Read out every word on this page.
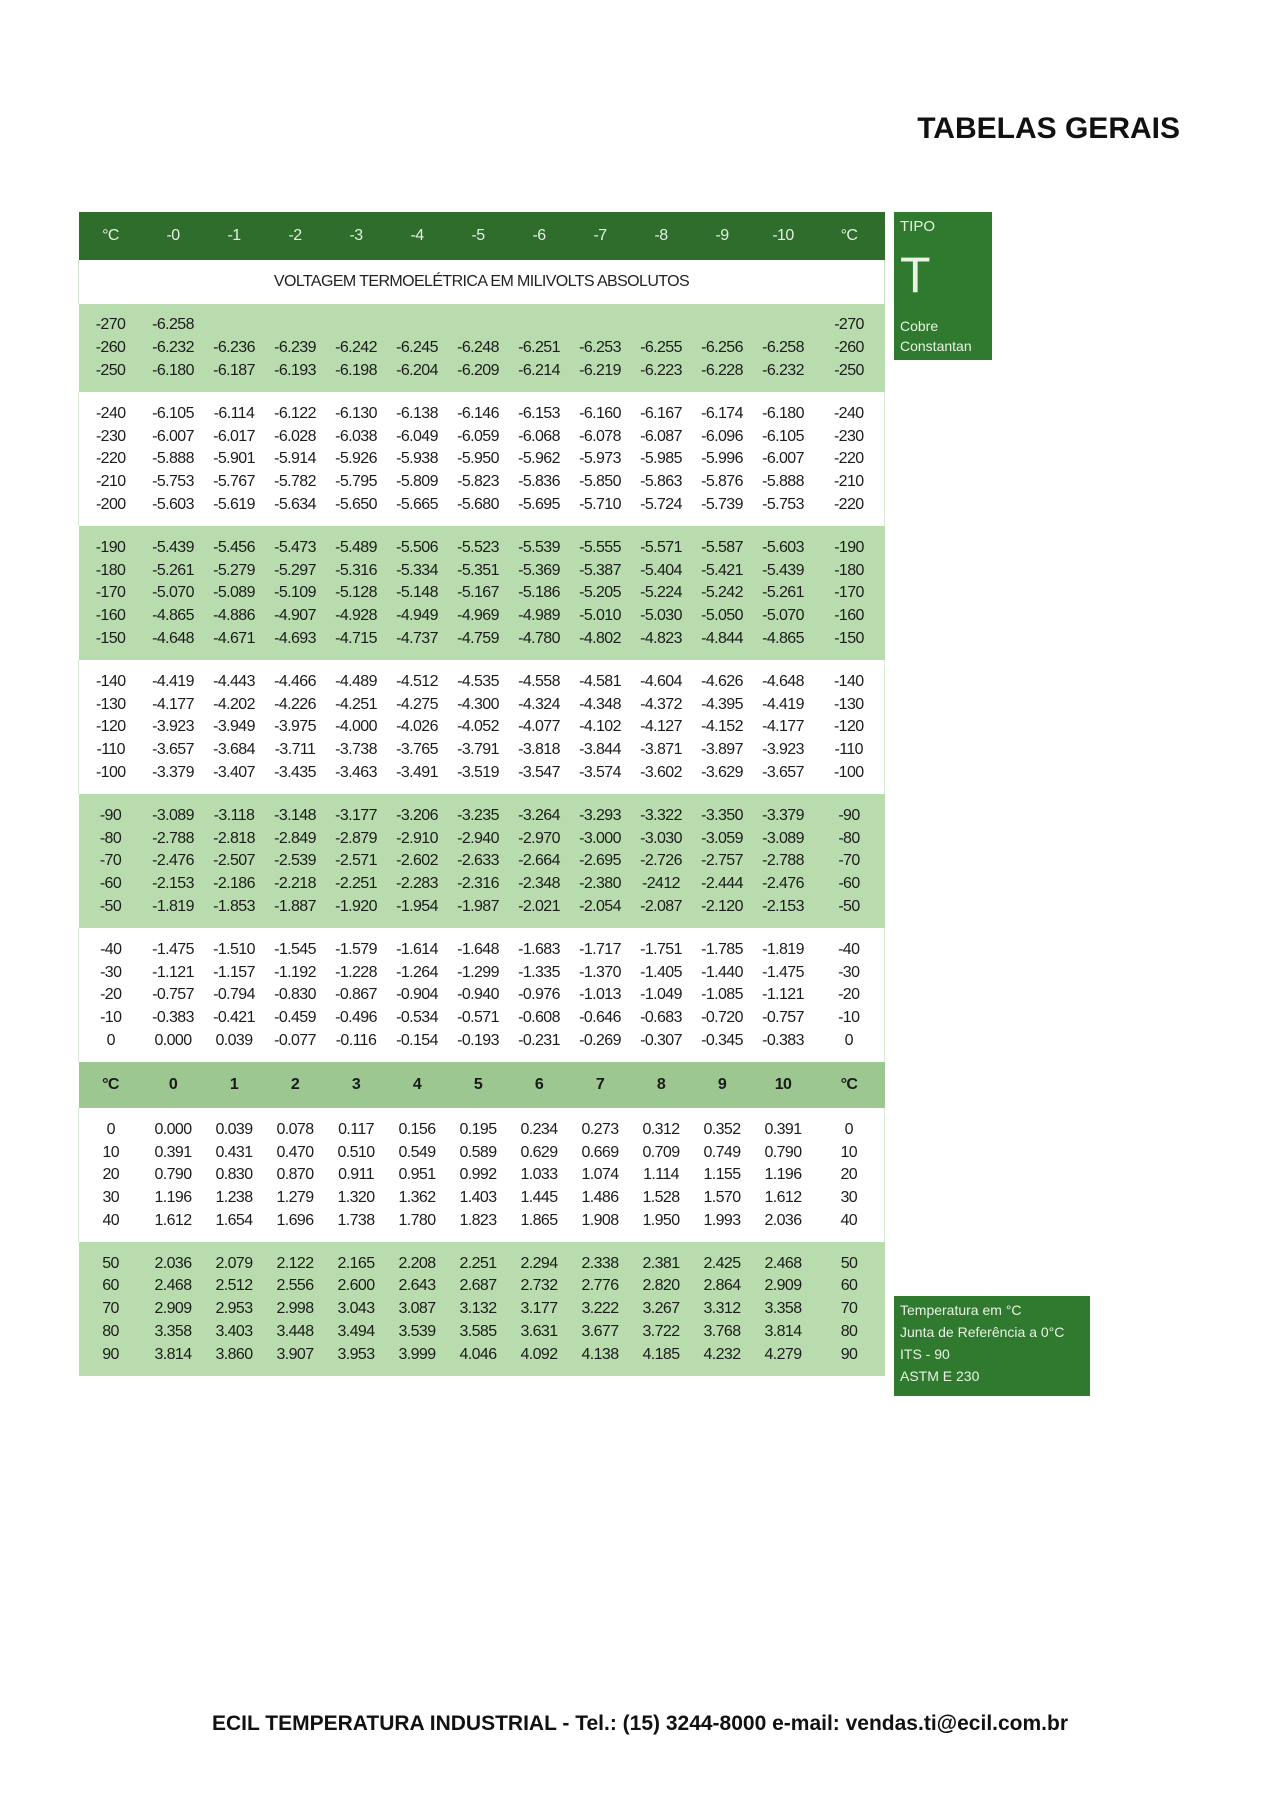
TABELAS GERAIS
°C	-0	-1	-2	-3	-4	-5	-6	-7	-8	-9	-10	°C
VOLTAGEM TERMOELÉTRICA EM MILIVOLTS ABSOLUTOS												

-270	-6.258											-270
-260	-6.232	-6.236	-6.239	-6.242	-6.245	-6.248	-6.251	-6.253	-6.255	-6.256	-6.258	-260
-250	-6.180	-6.187	-6.193	-6.198	-6.204	-6.209	-6.214	-6.219	-6.223	-6.228	-6.232	-250

-240	-6.105	-6.114	-6.122	-6.130	-6.138	-6.146	-6.153	-6.160	-6.167	-6.174	-6.180	-240
-230	-6.007	-6.017	-6.028	-6.038	-6.049	-6.059	-6.068	-6.078	-6.087	-6.096	-6.105	-230
-220	-5.888	-5.901	-5.914	-5.926	-5.938	-5.950	-5.962	-5.973	-5.985	-5.996	-6.007	-220
-210	-5.753	-5.767	-5.782	-5.795	-5.809	-5.823	-5.836	-5.850	-5.863	-5.876	-5.888	-210
-200	-5.603	-5.619	-5.634	-5.650	-5.665	-5.680	-5.695	-5.710	-5.724	-5.739	-5.753	-220

-190	-5.439	-5.456	-5.473	-5.489	-5.506	-5.523	-5.539	-5.555	-5.571	-5.587	-5.603	-190
-180	-5.261	-5.279	-5.297	-5.316	-5.334	-5.351	-5.369	-5.387	-5.404	-5.421	-5.439	-180
-170	-5.070	-5.089	-5.109	-5.128	-5.148	-5.167	-5.186	-5.205	-5.224	-5.242	-5.261	-170
-160	-4.865	-4.886	-4.907	-4.928	-4.949	-4.969	-4.989	-5.010	-5.030	-5.050	-5.070	-160
-150	-4.648	-4.671	-4.693	-4.715	-4.737	-4.759	-4.780	-4.802	-4.823	-4.844	-4.865	-150

-140	-4.419	-4.443	-4.466	-4.489	-4.512	-4.535	-4.558	-4.581	-4.604	-4.626	-4.648	-140
-130	-4.177	-4.202	-4.226	-4.251	-4.275	-4.300	-4.324	-4.348	-4.372	-4.395	-4.419	-130
-120	-3.923	-3.949	-3.975	-4.000	-4.026	-4.052	-4.077	-4.102	-4.127	-4.152	-4.177	-120
-110	-3.657	-3.684	-3.711	-3.738	-3.765	-3.791	-3.818	-3.844	-3.871	-3.897	-3.923	-110
-100	-3.379	-3.407	-3.435	-3.463	-3.491	-3.519	-3.547	-3.574	-3.602	-3.629	-3.657	-100

-90	-3.089	-3.118	-3.148	-3.177	-3.206	-3.235	-3.264	-3.293	-3.322	-3.350	-3.379	-90
-80	-2.788	-2.818	-2.849	-2.879	-2.910	-2.940	-2.970	-3.000	-3.030	-3.059	-3.089	-80
-70	-2.476	-2.507	-2.539	-2.571	-2.602	-2.633	-2.664	-2.695	-2.726	-2.757	-2.788	-70
-60	-2.153	-2.186	-2.218	-2.251	-2.283	-2.316	-2.348	-2.380	-2412	-2.444	-2.476	-60
-50	-1.819	-1.853	-1.887	-1.920	-1.954	-1.987	-2.021	-2.054	-2.087	-2.120	-2.153	-50

-40	-1.475	-1.510	-1.545	-1.579	-1.614	-1.648	-1.683	-1.717	-1.751	-1.785	-1.819	-40
-30	-1.121	-1.157	-1.192	-1.228	-1.264	-1.299	-1.335	-1.370	-1.405	-1.440	-1.475	-30
-20	-0.757	-0.794	-0.830	-0.867	-0.904	-0.940	-0.976	-1.013	-1.049	-1.085	-1.121	-20
-10	-0.383	-0.421	-0.459	-0.496	-0.534	-0.571	-0.608	-0.646	-0.683	-0.720	-0.757	-10
0	0.000	0.039	-0.077	-0.116	-0.154	-0.193	-0.231	-0.269	-0.307	-0.345	-0.383	0

°C	0	1	2	3	4	5	6	7	8	9	10	°C

0	0.000	0.039	0.078	0.117	0.156	0.195	0.234	0.273	0.312	0.352	0.391	0
10	0.391	0.431	0.470	0.510	0.549	0.589	0.629	0.669	0.709	0.749	0.790	10
20	0.790	0.830	0.870	0.911	0.951	0.992	1.033	1.074	1.114	1.155	1.196	20
30	1.196	1.238	1.279	1.320	1.362	1.403	1.445	1.486	1.528	1.570	1.612	30
40	1.612	1.654	1.696	1.738	1.780	1.823	1.865	1.908	1.950	1.993	2.036	40

50	2.036	2.079	2.122	2.165	2.208	2.251	2.294	2.338	2.381	2.425	2.468	50
60	2.468	2.512	2.556	2.600	2.643	2.687	2.732	2.776	2.820	2.864	2.909	60
70	2.909	2.953	2.998	3.043	3.087	3.132	3.177	3.222	3.267	3.312	3.358	70
80	3.358	3.403	3.448	3.494	3.539	3.585	3.631	3.677	3.722	3.768	3.814	80
90	3.814	3.860	3.907	3.953	3.999	4.046	4.092	4.138	4.185	4.232	4.279	90

TIPO
T
Cobre
Constantan
Temperatura em °C
Junta de Referência a 0°C
ITS - 90
ASTM E 230
ECIL TEMPERATURA INDUSTRIAL - Tel.: (15) 3244-8000 e-mail: vendas.ti@ecil.com.br
